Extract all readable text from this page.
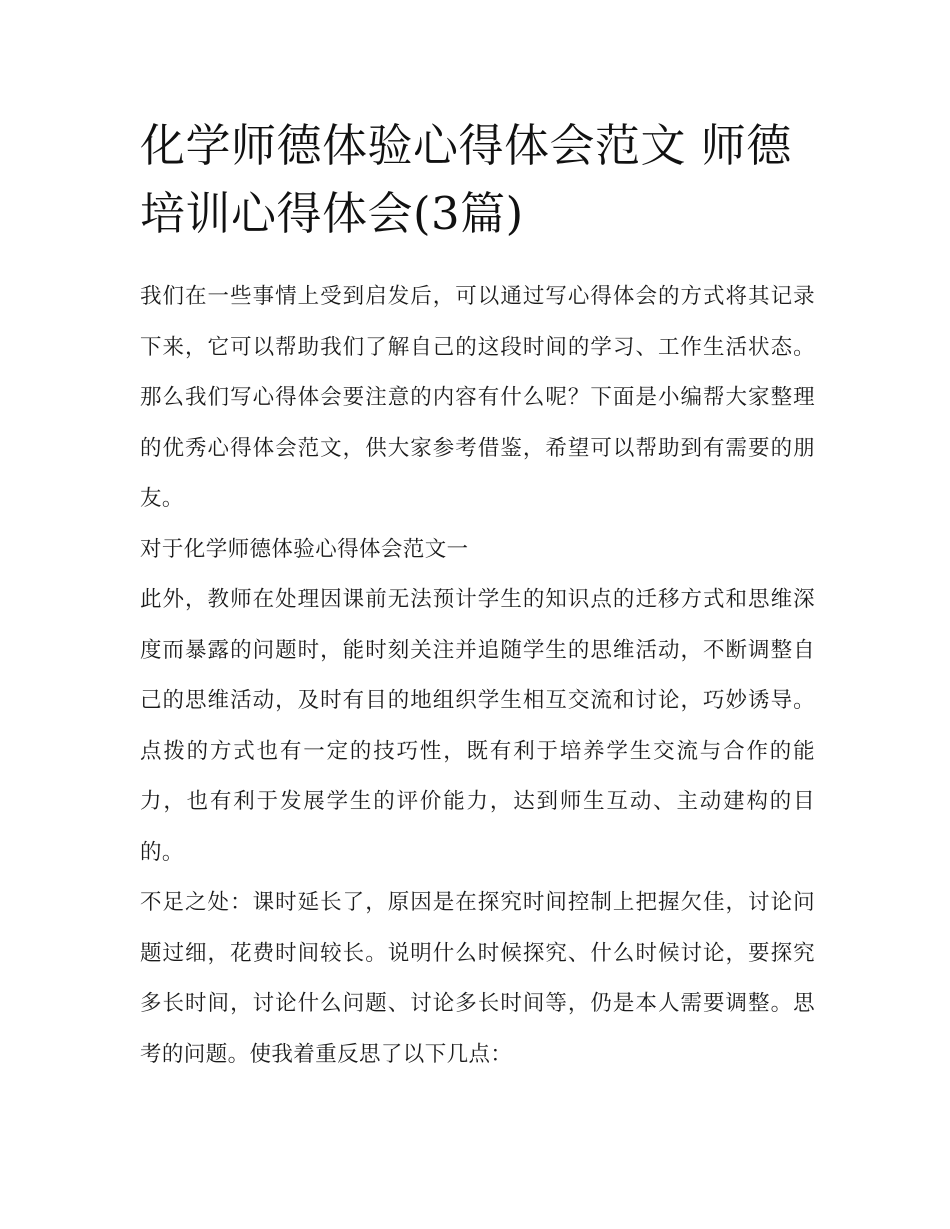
化学师德体验心得体会范文 师德培训心得体会(3篇)

我们在一些事情上受到启发后，可以通过写心得体会的方式将其记录下来，它可以帮助我们了解自己的这段时间的学习、工作生活状态。那么我们写心得体会要注意的内容有什么呢？下面是小编帮大家整理的优秀心得体会范文，供大家参考借鉴，希望可以帮助到有需要的朋友。

对于化学师德体验心得体会范文一

此外，教师在处理因课前无法预计学生的知识点的迁移方式和思维深度而暴露的问题时，能时刻关注并追随学生的思维活动，不断调整自己的思维活动，及时有目的地组织学生相互交流和讨论，巧妙诱导。点拨的方式也有一定的技巧性，既有利于培养学生交流与合作的能力，也有利于发展学生的评价能力，达到师生互动、主动建构的目的。

不足之处：课时延长了，原因是在探究时间控制上把握欠佳，讨论问题过细，花费时间较长。说明什么时候探究、什么时候讨论，要探究多长时间，讨论什么问题、讨论多长时间等，仍是本人需要调整。思考的问题。使我着重反思了以下几点：
